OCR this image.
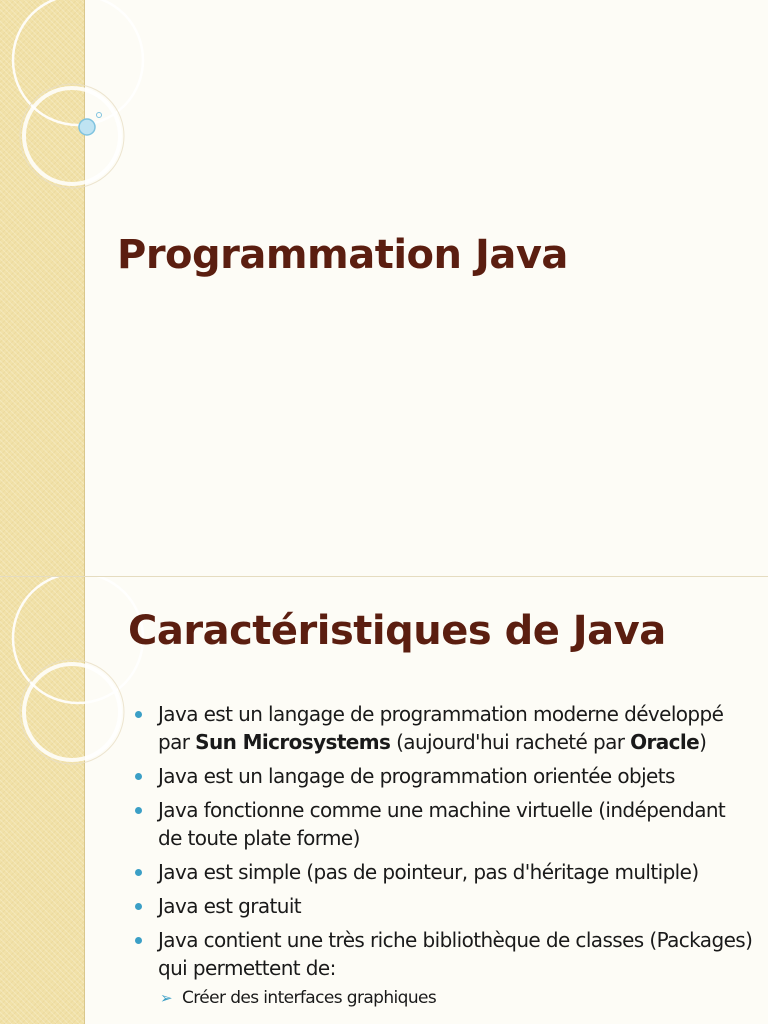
Programmation Java
Caractéristiques de Java
Java est un langage de programmation moderne développé par Sun Microsystems (aujourd'hui racheté par Oracle)
Java est un langage de programmation orientée objets
Java fonctionne comme une machine virtuelle (indépendant de toute plate forme)
Java est simple (pas de pointeur, pas d'héritage multiple)
Java est gratuit
Java contient une très riche bibliothèque de classes (Packages) qui permettent de:
➢ Créer des interfaces graphiques
